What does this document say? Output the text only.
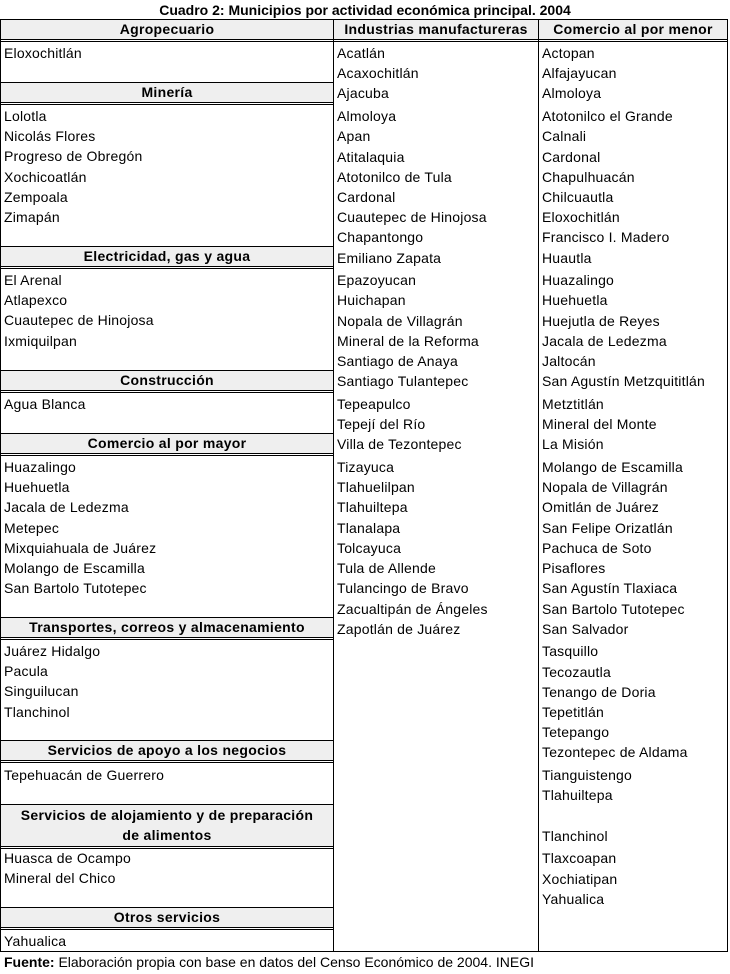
Cuadro 2: Municipios por actividad económica principal. 2004
Agropecuario	Industrias manufactureras	Comercio al por menor
Eloxochitlán
Minería
Lolotla
Nicolás Flores
Progreso de Obregón
Xochicoatlán
Zempoala
Zimapán
Electricidad, gas y agua
El Arenal
Atlapexco
Cuautepec de Hinojosa
Ixmiquilpan
Construcción
Agua Blanca
Comercio al por mayor
Huazalingo
Huehuetla
Jacala de Ledezma
Metepec
Mixquiahuala de Juárez
Molango de Escamilla
San Bartolo Tutotepec
Transportes, correos y almacenamiento
Juárez Hidalgo
Pacula
Singuilucan
Tlanchinol
Servicios de apoyo a los negocios
Tepehuacán de Guerrero
Servicios de alojamiento y de preparación
de alimentos
Huasca de Ocampo
Mineral del Chico
Otros servicios
Yahualica
Acatlán
Acaxochitlán
Ajacuba
Almoloya
Apan
Atitalaquia
Atotonilco de Tula
Cardonal
Cuautepec de Hinojosa
Chapantongo
Emiliano Zapata
Epazoyucan
Huichapan
Nopala de Villagrán
Mineral de la Reforma
Santiago de Anaya
Santiago Tulantepec
Tepeapulco
Tepejí del Río
Villa de Tezontepec
Tizayuca
Tlahuelilpan
Tlahuiltepa
Tlanalapa
Tolcayuca
Tula de Allende
Tulancingo de Bravo
Zacualtipán de Ángeles
Zapotlán de Juárez
Actopan
Alfajayucan
Almoloya
Atotonilco el Grande
Calnali
Cardonal
Chapulhuacán
Chilcuautla
Eloxochitlán
Francisco I. Madero
Huautla
Huazalingo
Huehuetla
Huejutla de Reyes
Jacala de Ledezma
Jaltocán
San Agustín Metzquititlán
Metztitlán
Mineral del Monte
La Misión
Molango de Escamilla
Nopala de Villagrán
Omitlán de Juárez
San Felipe Orizatlán
Pachuca de Soto
Pisaflores
San Agustín Tlaxiaca
San Bartolo Tutotepec
San Salvador
Tasquillo
Tecozautla
Tenango de Doria
Tepetitlán
Tetepango
Tezontepec de Aldama
Tianguistengo
Tlahuiltepa
Tlanchinol
Tlaxcoapan
Xochiatipan
Yahualica
Fuente: Elaboración propia con base en datos del Censo Económico de 2004. INEGI
